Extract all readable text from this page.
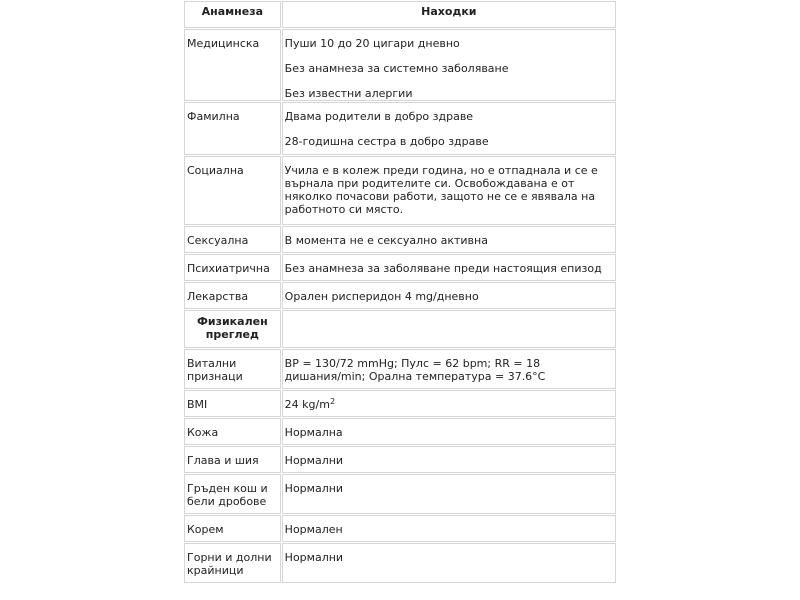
Анамнеза	Находки
Медицинска	Пуши 10 до 20 цигари дневно

Без анамнеза за системно заболяване

Без известни алергии

Фамилна	Двама родители в добро здраве

28-годишна сестра в добро здраве

Социална	Учила е в колеж преди година, но е отпаднала и се е върнала при родителите си. Освобождавана е от няколко почасови работи, защото не се е явявала на работното си място.

Сексуална	В момента не е сексуално активна
Психиатрична	Без анамнеза за заболяване преди настоящия епизод
Лекарства	Орален рисперидон 4 mg/дневно
Физикален преглед	
Витални признаци	BP = 130/72 mmHg; Пулс = 62 bpm; RR = 18 дишания/min; Орална температура = 37.6°C
BMI	24 $kg/m^2$
Кожа	Нормална
Глава и шия	Нормални
Гръден кош и бели дробове	Нормални
Корем	Нормален
Горни и долни крайници	Нормални
